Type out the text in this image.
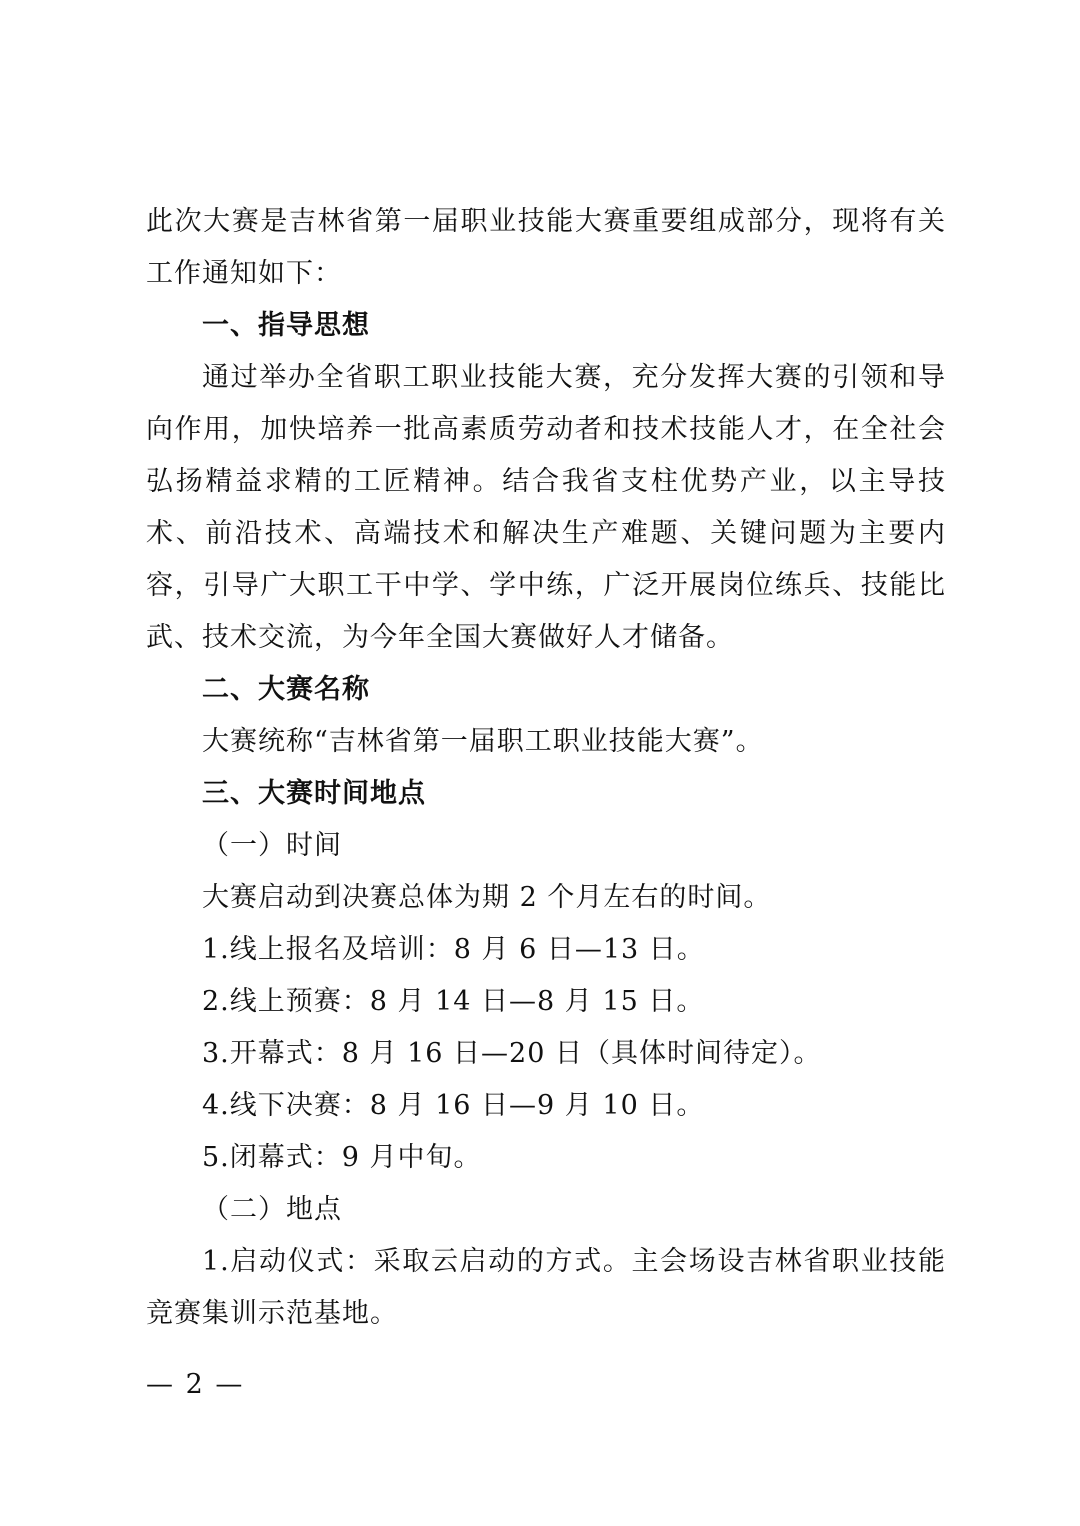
此次大赛是吉林省第一届职业技能大赛重要组成部分，现将有关工作通知如下：

一、指导思想

通过举办全省职工职业技能大赛，充分发挥大赛的引领和导向作用，加快培养一批高素质劳动者和技术技能人才，在全社会弘扬精益求精的工匠精神。结合我省支柱优势产业，以主导技术、前沿技术、高端技术和解决生产难题、关键问题为主要内容，引导广大职工干中学、学中练，广泛开展岗位练兵、技能比武、技术交流，为今年全国大赛做好人才储备。

二、大赛名称

大赛统称“吉林省第一届职工职业技能大赛”。

三、大赛时间地点

（一）时间

大赛启动到决赛总体为期 2 个月左右的时间。

1.线上报名及培训：8 月 6 日—13 日。

2.线上预赛：8 月 14 日—8 月 15 日。

3.开幕式：8 月 16 日—20 日（具体时间待定）。

4.线下决赛：8 月 16 日—9 月 10 日。

5.闭幕式：9 月中旬。

（二）地点

1.启动仪式：采取云启动的方式。主会场设吉林省职业技能竞赛集训示范基地。

— 2 —
